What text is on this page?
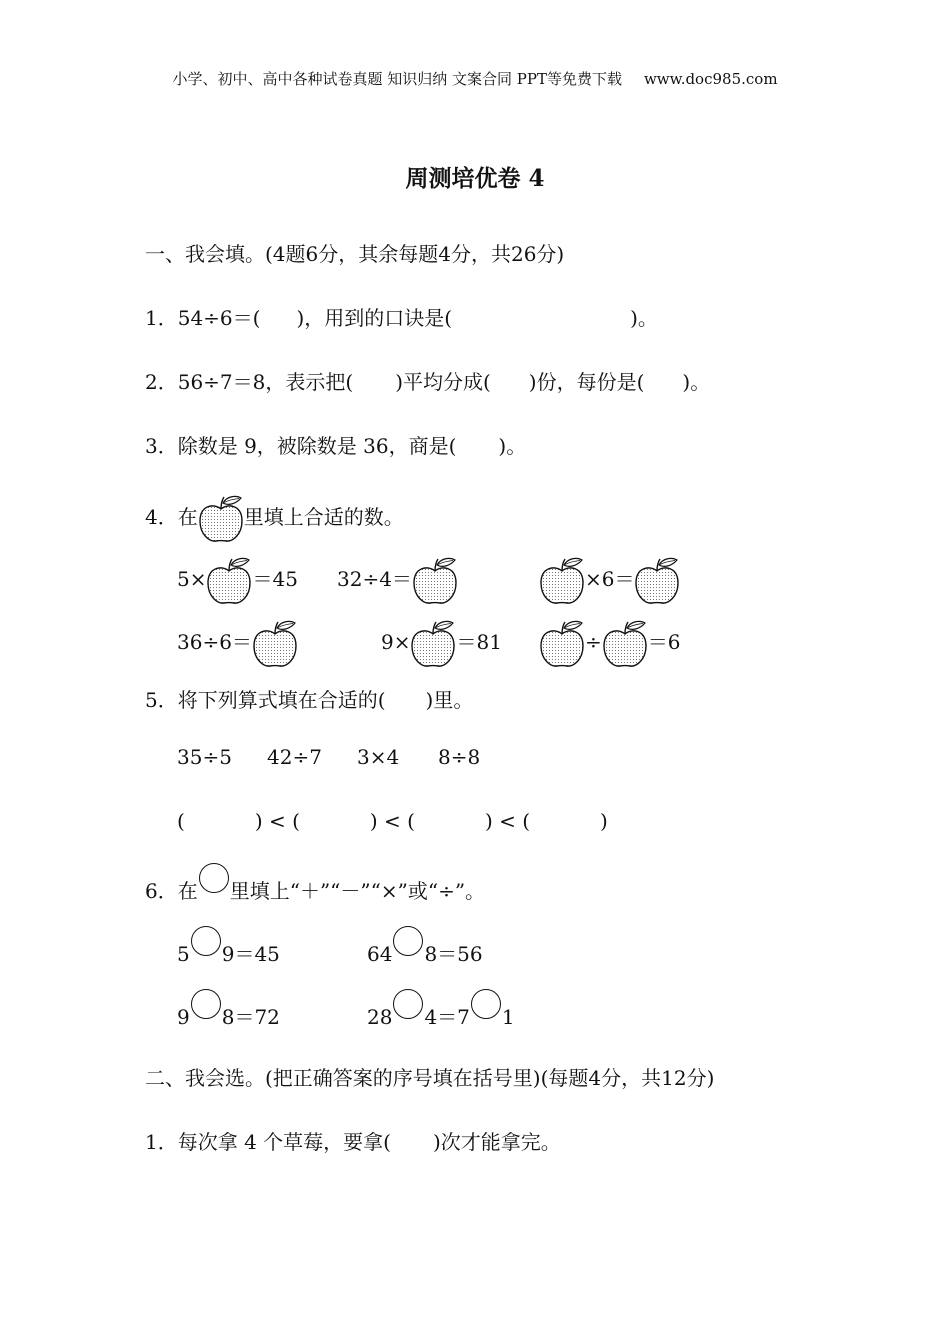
小学、初中、高中各种试卷真题 知识归纳 文案合同 PPT等免费下载 www.doc985.com
周测培优卷 4
一、我会填。(4题6分，其余每题4分，共26分)
1．54÷6＝( )，用到的口诀是(	)。
2．56÷7＝8，表示把( )平均分成( )份，每份是( )。
3．除数是 9，被除数是 36，商是( )。
4．在 里填上合适的数。
5× ＝45 32÷4＝	×6＝
36÷6＝	9× ＝81	÷ ＝6
5．将下列算式填在合适的( )里。
35÷5 42÷7 3×4 8÷8
(	) < (	) < (	) < (	)
6．在 里填上“＋”“－”“×”或“÷”。
5 9＝45	64 8＝56
9 8＝72	28 4＝7 1
二、我会选。(把正确答案的序号填在括号里)(每题4分，共12分)
1．每次拿 4 个草莓，要拿( )次才能拿完。
